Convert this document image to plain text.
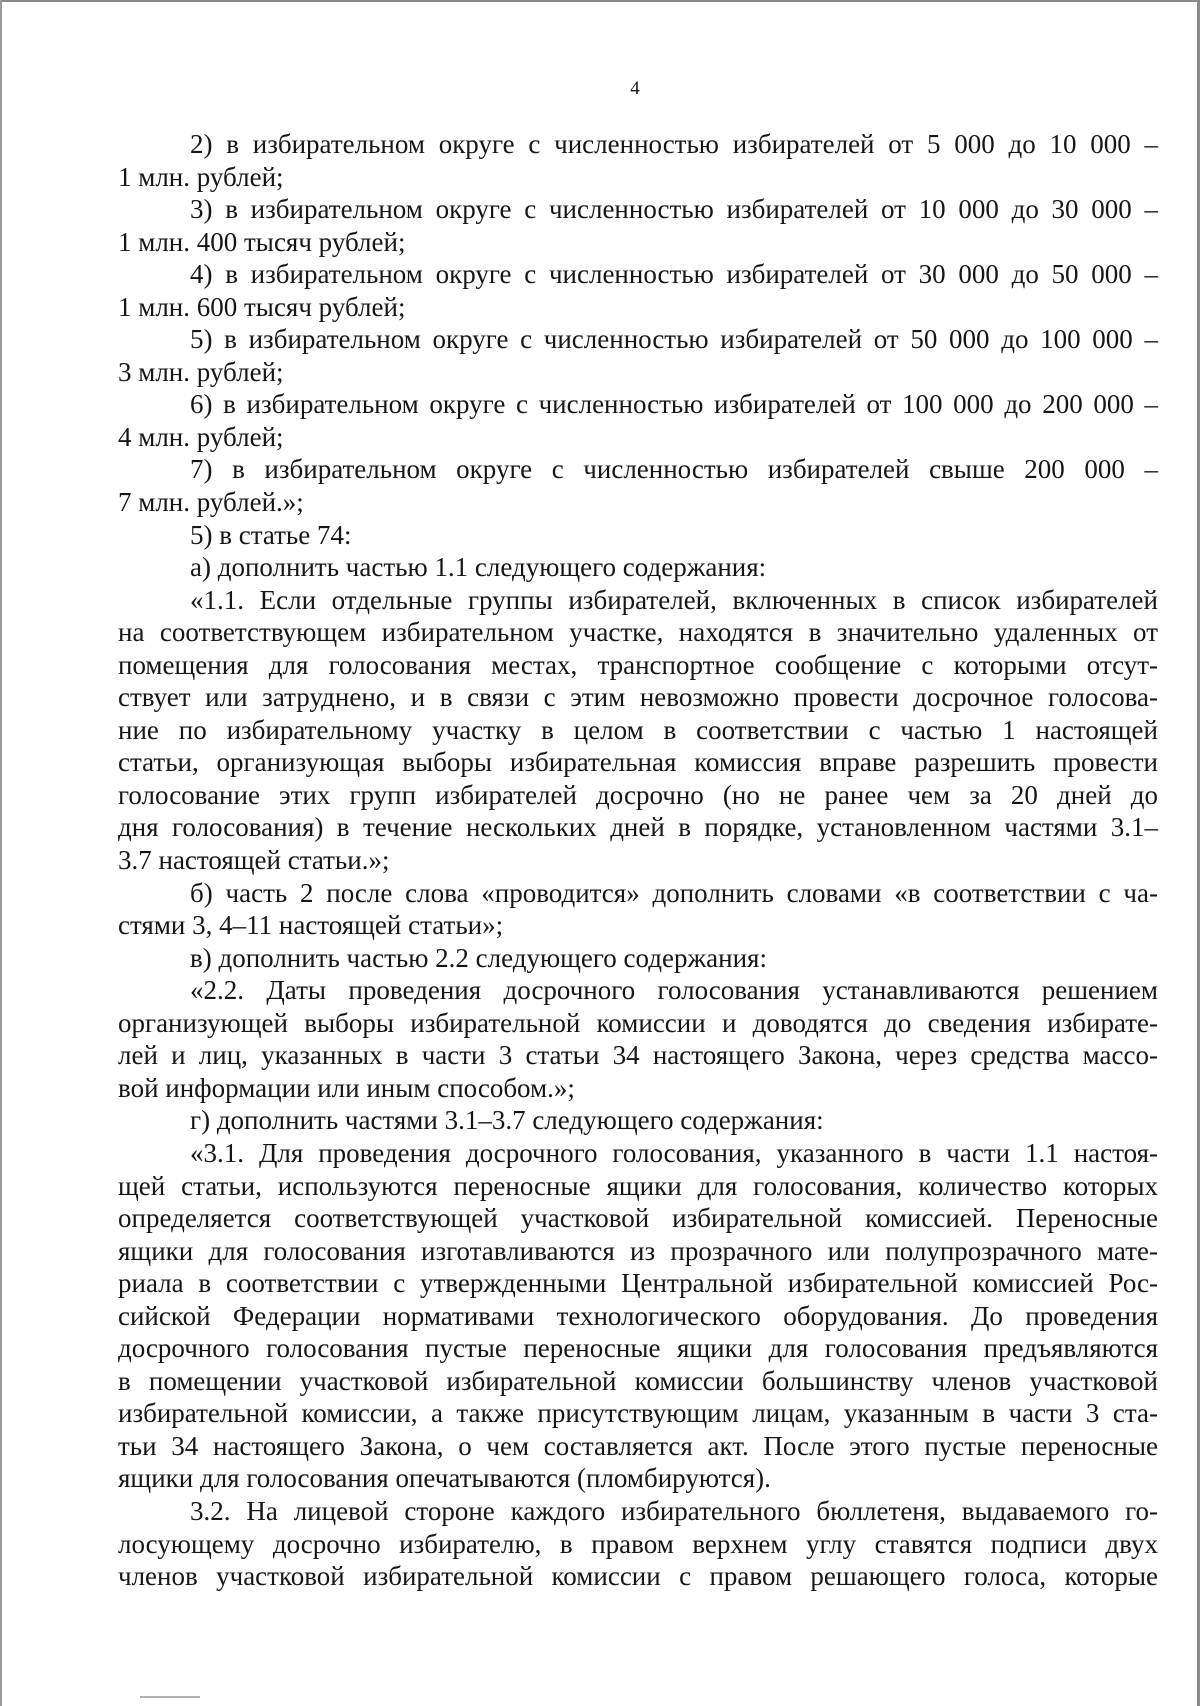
4
2) в избирательном округе с численностью избирателей от 5 000 до 10 000 –
1 млн. рублей;
3) в избирательном округе с численностью избирателей от 10 000 до 30 000 –
1 млн. 400 тысяч рублей;
4) в избирательном округе с численностью избирателей от 30 000 до 50 000 –
1 млн. 600 тысяч рублей;
5) в избирательном округе с численностью избирателей от 50 000 до 100 000 –
3 млн. рублей;
6) в избирательном округе с численностью избирателей от 100 000 до 200 000 –
4 млн. рублей;
7) в избирательном округе с численностью избирателей свыше 200 000 –
7 млн. рублей.»;
5) в статье 74:
а) дополнить частью 1.1 следующего содержания:
«1.1. Если отдельные группы избирателей, включенных в список избирателей
на соответствующем избирательном участке, находятся в значительно удаленных от
помещения для голосования местах, транспортное сообщение с которыми отсут-
ствует или затруднено, и в связи с этим невозможно провести досрочное голосова-
ние по избирательному участку в целом в соответствии с частью 1 настоящей
статьи, организующая выборы избирательная комиссия вправе разрешить провести
голосование этих групп избирателей досрочно (но не ранее чем за 20 дней до
дня голосования) в течение нескольких дней в порядке, установленном частями 3.1–
3.7 настоящей статьи.»;
б) часть 2 после слова «проводится» дополнить словами «в соответствии с ча-
стями 3, 4–11 настоящей статьи»;
в) дополнить частью 2.2 следующего содержания:
«2.2. Даты проведения досрочного голосования устанавливаются решением
организующей выборы избирательной комиссии и доводятся до сведения избирате-
лей и лиц, указанных в части 3 статьи 34 настоящего Закона, через средства массо-
вой информации или иным способом.»;
г) дополнить частями 3.1–3.7 следующего содержания:
«3.1. Для проведения досрочного голосования, указанного в части 1.1 настоя-
щей статьи, используются переносные ящики для голосования, количество которых
определяется соответствующей участковой избирательной комиссией. Переносные
ящики для голосования изготавливаются из прозрачного или полупрозрачного мате-
риала в соответствии с утвержденными Центральной избирательной комиссией Рос-
сийской Федерации нормативами технологического оборудования. До проведения
досрочного голосования пустые переносные ящики для голосования предъявляются
в помещении участковой избирательной комиссии большинству членов участковой
избирательной комиссии, а также присутствующим лицам, указанным в части 3 ста-
тьи 34 настоящего Закона, о чем составляется акт. После этого пустые переносные
ящики для голосования опечатываются (пломбируются).
3.2. На лицевой стороне каждого избирательного бюллетеня, выдаваемого го-
лосующему досрочно избирателю, в правом верхнем углу ставятся подписи двух
членов участковой избирательной комиссии с правом решающего голоса, которые
